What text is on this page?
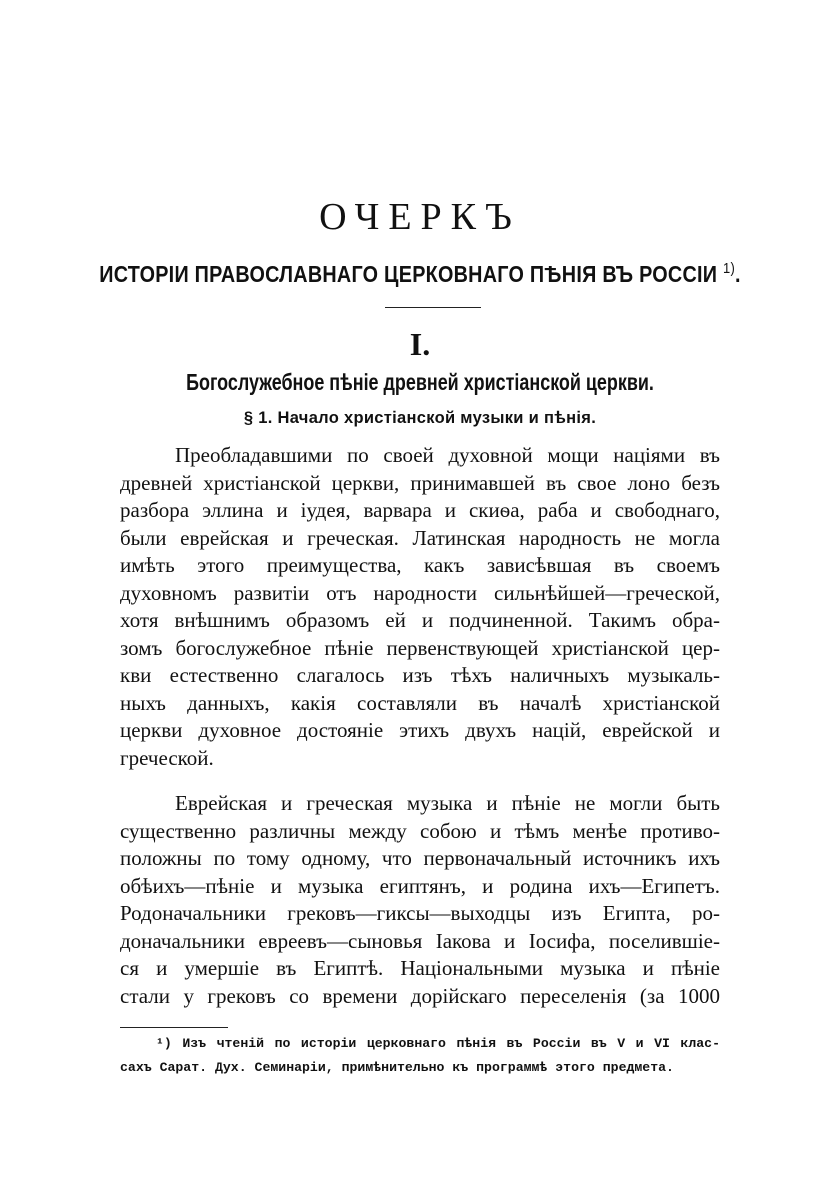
ОЧЕРКЪ
ИСТОРІИ ПРАВОСЛАВНАГО ЦЕРКОВНАГО ПѢНІЯ ВЪ РОССІИ $^{1)}$.
I.
Богослужебное пѣніе древней христіанской церкви.
§ 1. Начало христіанской музыки и пѣнія.
Преобладавшими по своей духовной мощи націями въ
древней христіанской церкви, принимавшей въ свое лоно безъ
разбора эллина и іудея, варвара и скиѳа, раба и свободнаго,
были еврейская и греческая. Латинская народность не могла
имѣть этого преимущества, какъ зависѣвшая въ своемъ
духовномъ развитіи отъ народности сильнѣйшей—греческой,
хотя внѣшнимъ образомъ ей и подчиненной. Такимъ обра-
зомъ богослужебное пѣніе первенствующей христіанской цер-
кви естественно слагалось изъ тѣхъ наличныхъ музыкаль-
ныхъ данныхъ, какія составляли въ началѣ христіанской
церкви духовное достояніе этихъ двухъ націй, еврейской и
греческой.
Еврейская и греческая музыка и пѣніе не могли быть
существенно различны между собою и тѣмъ менѣе противо-
положны по тому одному, что первоначальный источникъ ихъ
обѣихъ—пѣніе и музыка египтянъ, и родина ихъ—Египетъ.
Родоначальники грековъ—гиксы—выходцы изъ Египта, ро-
доначальники евреевъ—сыновья Іакова и Іосифа, поселившіе-
ся и умершіе въ Египтѣ. Національными музыка и пѣніе
стали у грековъ со времени дорійскаго переселенія (за 1000
¹) Изъ чтеній по исторіи церковнаго пѣнія въ Россіи въ V и VI клас-
сахъ Сарат. Дух. Семинаріи, примѣнительно къ программѣ этого предмета.
